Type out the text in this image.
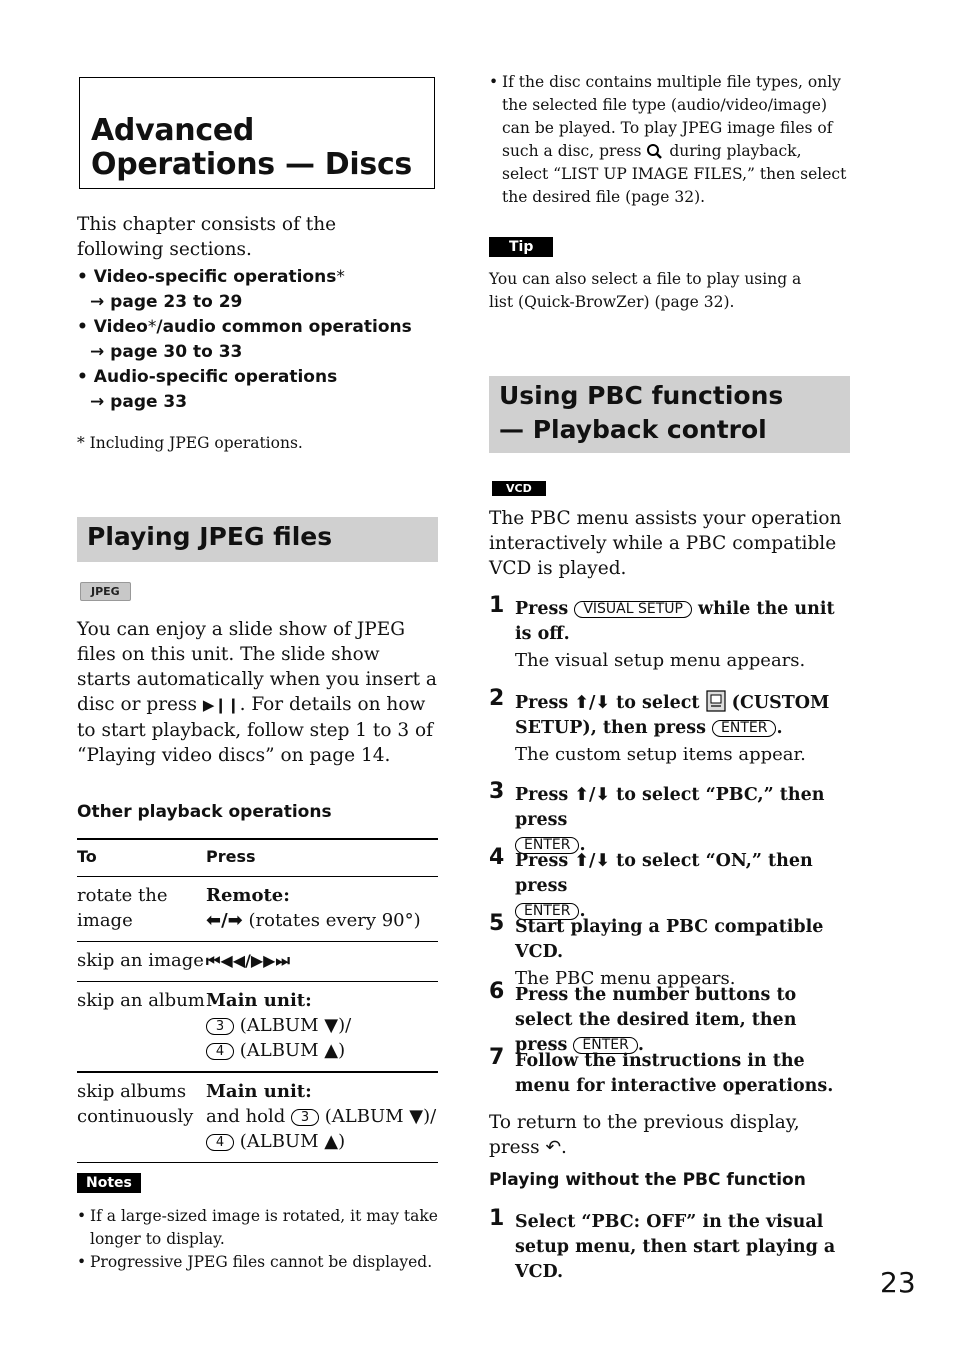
Advanced
Operations — Discs

This chapter consists of the following sections.

• Video-specific operations*
→ page 23 to 29
• Video*/audio common operations
→ page 30 to 33
• Audio-specific operations
→ page 33

* Including JPEG operations.

Playing JPEG files
JPEG

You can enjoy a slide show of JPEG files on this unit. The slide show starts automatically when you insert a disc or press ▶❙❙. For details on how to start playback, follow step 1 to 3 of “Playing video discs” on page 14.

Other playback operations
To	Press
rotate the image	Remote:
⬅/➡ (rotates every 90°)
skip an image	⏮◀◀/▶▶⏭
skip an album	Main unit:
3 (ALBUM ▼)/
4 (ALBUM ▲)
skip albums continuously	Main unit:
and hold 3 (ALBUM ▼)/
4 (ALBUM ▲)
Notes
• If a large-sized image is rotated, it may take longer to display.
• Progressive JPEG files cannot be displayed.
• If the disc contains multiple file types, only the selected file type (audio/video/image) can be played. To play JPEG image files of such a disc, press during playback, select “LIST UP IMAGE FILES,” then select the desired file (page 32).
Tip

You can also select a file to play using a list (Quick-BrowZer) (page 32).

Using PBC functions
— Playback control
VCD

The PBC menu assists your operation interactively while a PBC compatible VCD is played.

1 Press VISUAL SETUP while the unit is off.
The visual setup menu appears.
2 Press ⬆/⬇ to select (CUSTOM SETUP), then press ENTER .
The custom setup items appear.
3 Press ⬆/⬇ to select “PBC,” then press
ENTER .
4 Press ⬆/⬇ to select “ON,” then press
ENTER .
5 Start playing a PBC compatible VCD.
The PBC menu appears.
6 Press the number buttons to select the desired item, then press ENTER .
7 Follow the instructions in the menu for interactive operations.

To return to the previous display, press ↶.

Playing without the PBC function
1 Select “PBC: OFF” in the visual setup menu, then start playing a VCD.	23
